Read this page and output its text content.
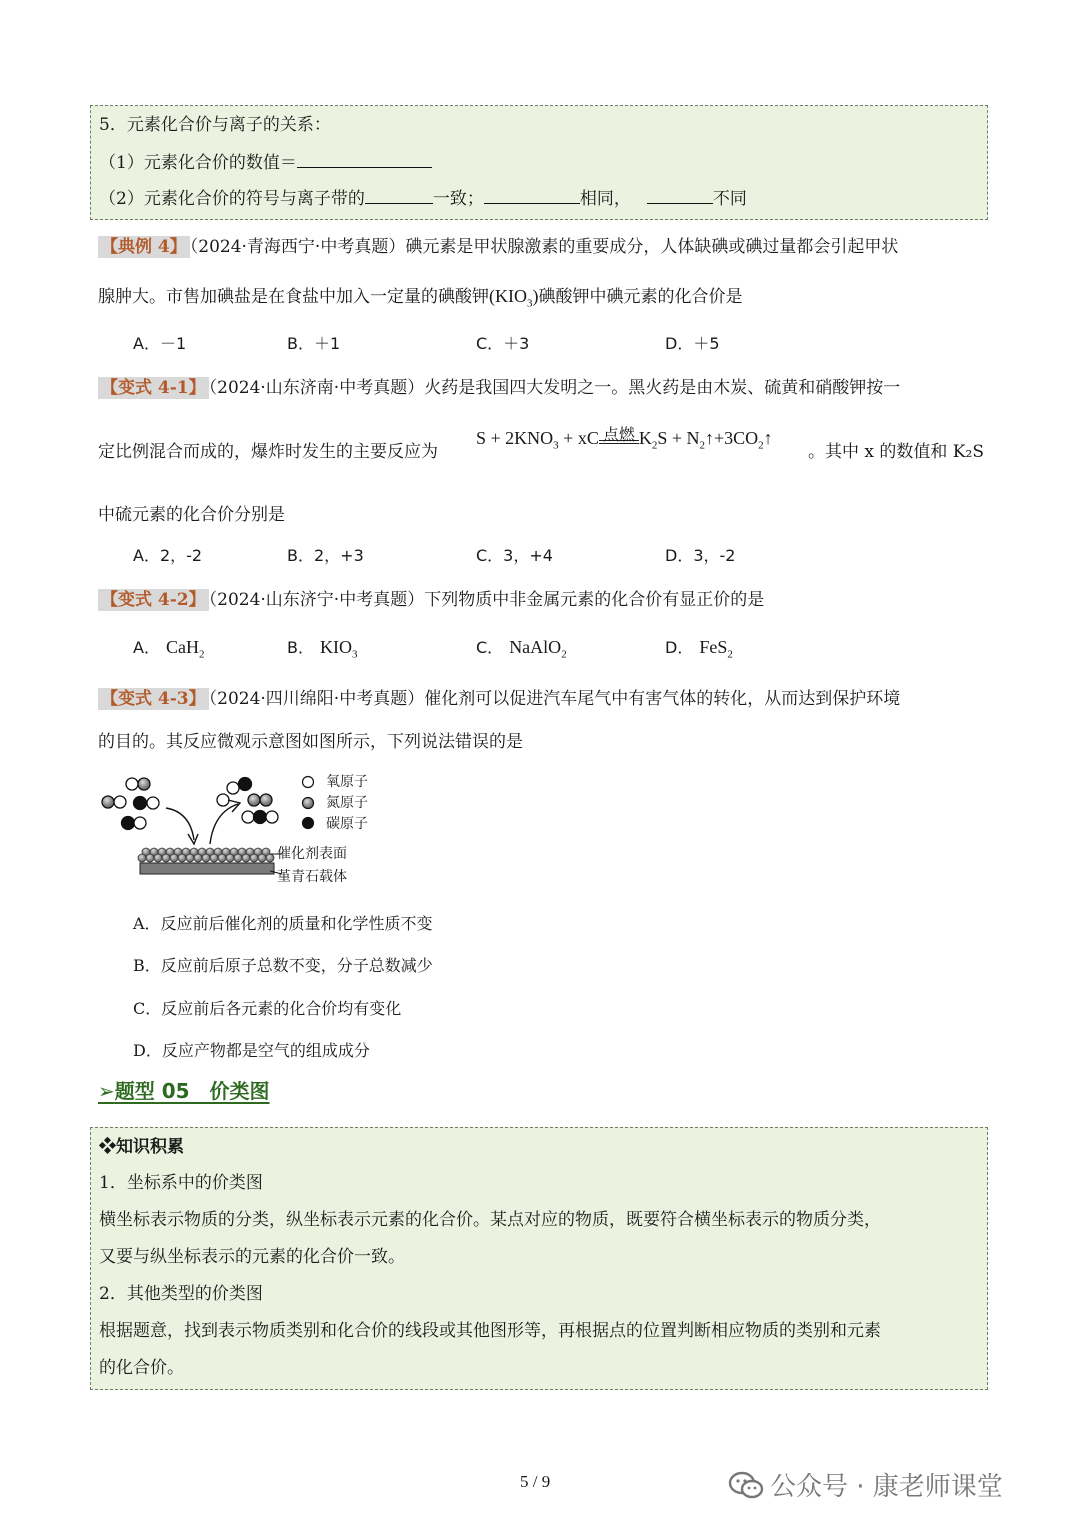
5．元素化合价与离子的关系：
（1）元素化合价的数值＝
（2）元素化合价的符号与离子带的	一致；	相同，	不同
【典例 4】 （2024·青海西宁·中考真题）碘元素是甲状腺激素的重要成分，人体缺碘或碘过量都会引起甲状
腺肿大。市售加碘盐是在食盐中加入一定量的碘酸钾$(KIO_3)$碘酸钾中碘元素的化合价是
A．－1	B．＋1	C．＋3	D．＋5
【变式 4-1】 （2024·山东济南·中考真题）火药是我国四大发明之一。黑火药是由木炭、硫黄和硝酸钾按一
定比例混合而成的，爆炸时发生的主要反应为
$S + 2KNO_3$ + xC 点燃 $K_2S$ + $N_2↑+3CO_2↑$
。其中 x 的数值和 K₂S
中硫元素的化合价分别是
A．2，-2	B．2，+3	C．3，+4	D．3，-2
【变式 4-2】 （2024·山东济宁·中考真题）下列物质中非金属元素的化合价有显正价的是
A． CaH$_2$	B． $KIO_3$	C． NaAlO$_2$	D． FeS$_2$
【变式 4-3】 （2024·四川绵阳·中考真题）催化剂可以促进汽车尾气中有害气体的转化，从而达到保护环境
的目的。其反应微观示意图如图所示，下列说法错误的是
氧原子
氮原子
碳原子
催化剂表面
堇青石载体
A．反应前后催化剂的质量和化学性质不变
B．反应前后原子总数不变，分子总数减少
C．反应前后各元素的化合价均有变化
D．反应产物都是空气的组成成分
➢题型 05　价类图
❖知识积累
1．坐标系中的价类图
横坐标表示物质的分类，纵坐标表示元素的化合价。某点对应的物质，既要符合横坐标表示的物质分类，
又要与纵坐标表示的元素的化合价一致。
2．其他类型的价类图
根据题意，找到表示物质类别和化合价的线段或其他图形等，再根据点的位置判断相应物质的类别和元素
的化合价。
5 / 9	公众号 · 康老师课堂
